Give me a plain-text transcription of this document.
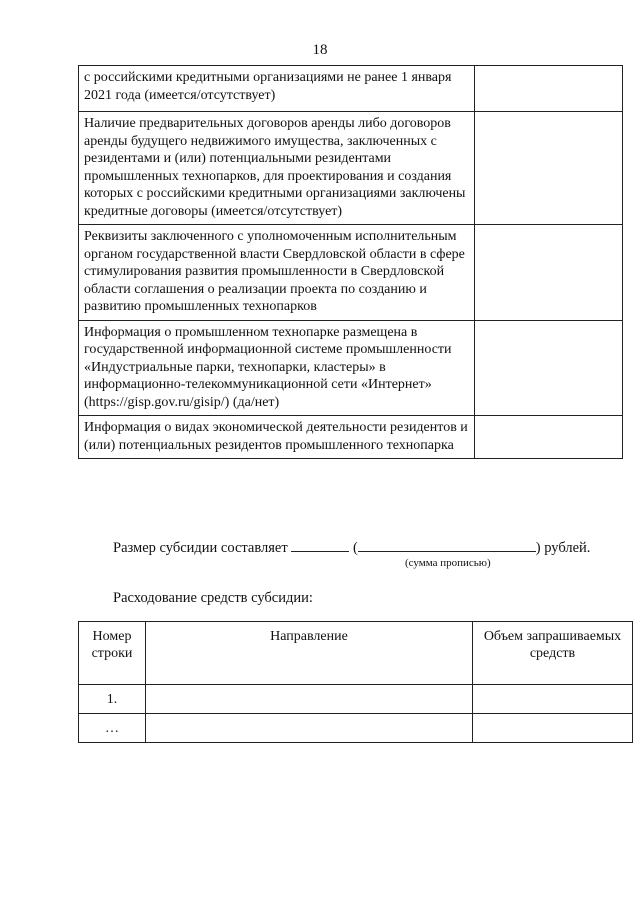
18
с российскими кредитными организациями не ранее 1 января 2021 года (имеется/отсутствует)	
Наличие предварительных договоров аренды либо договоров аренды будущего недвижимого имущества, заключенных с резидентами и (или) потенциальными резидентами промышленных технопарков, для проектирования и создания которых с российскими кредитными организациями заключены кредитные договоры (имеется/отсутствует)	
Реквизиты заключенного с уполномоченным исполнительным органом государственной власти Свердловской области в сфере стимулирования развития промышленности в Свердловской области соглашения о реализации проекта по созданию и развитию промышленных технопарков	
Информация о промышленном технопарке размещена в государственной информационной системе промышленности «Индустриальные парки, технопарки, кластеры» в информационно-телекоммуникационной сети «Интернет» (https://gisp.gov.ru/gisip/) (да/нет)	
Информация о видах экономической деятельности резидентов и (или) потенциальных резидентов промышленного технопарка	
Размер субсидии составляет	(	) рублей.
(сумма прописью)
Расходование средств субсидии:
Номер строки	Направление	Объем запрашиваемых средств
1.		
…		
